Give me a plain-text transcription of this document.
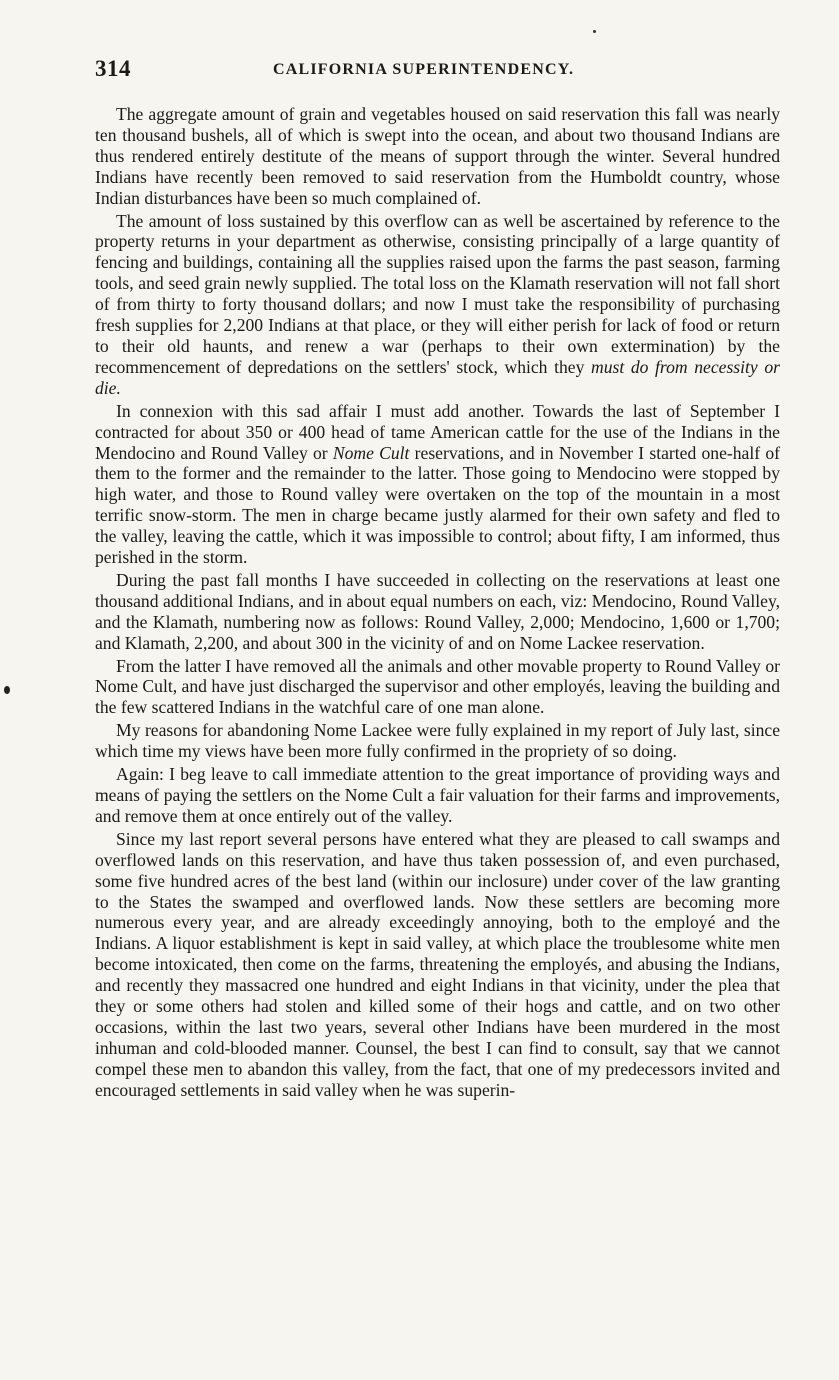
314	CALIFORNIA SUPERINTENDENCY.

The aggregate amount of grain and vegetables housed on said reservation this fall was nearly ten thousand bushels, all of which is swept into the ocean, and about two thousand Indians are thus rendered entirely destitute of the means of support through the winter. Several hundred Indians have recently been removed to said reservation from the Humboldt country, whose Indian disturbances have been so much complained of.

The amount of loss sustained by this overflow can as well be ascertained by reference to the property returns in your department as otherwise, consisting principally of a large quantity of fencing and buildings, containing all the supplies raised upon the farms the past season, farming tools, and seed grain newly supplied. The total loss on the Klamath reservation will not fall short of from thirty to forty thousand dollars; and now I must take the responsibility of purchasing fresh supplies for 2,200 Indians at that place, or they will either perish for lack of food or return to their old haunts, and renew a war (perhaps to their own extermination) by the recommencement of depredations on the settlers' stock, which they must do from necessity or die.

In connexion with this sad affair I must add another. Towards the last of September I contracted for about 350 or 400 head of tame American cattle for the use of the Indians in the Mendocino and Round Valley or Nome Cult reservations, and in November I started one-half of them to the former and the remainder to the latter. Those going to Mendocino were stopped by high water, and those to Round valley were overtaken on the top of the mountain in a most terrific snow-storm. The men in charge became justly alarmed for their own safety and fled to the valley, leaving the cattle, which it was impossible to control; about fifty, I am informed, thus perished in the storm.

During the past fall months I have succeeded in collecting on the reservations at least one thousand additional Indians, and in about equal numbers on each, viz: Mendocino, Round Valley, and the Klamath, numbering now as follows: Round Valley, 2,000; Mendocino, 1,600 or 1,700; and Klamath, 2,200, and about 300 in the vicinity of and on Nome Lackee reservation.

From the latter I have removed all the animals and other movable property to Round Valley or Nome Cult, and have just discharged the supervisor and other employés, leaving the building and the few scattered Indians in the watchful care of one man alone.

My reasons for abandoning Nome Lackee were fully explained in my report of July last, since which time my views have been more fully confirmed in the propriety of so doing.

Again: I beg leave to call immediate attention to the great importance of providing ways and means of paying the settlers on the Nome Cult a fair valuation for their farms and improvements, and remove them at once entirely out of the valley.

Since my last report several persons have entered what they are pleased to call swamps and overflowed lands on this reservation, and have thus taken possession of, and even purchased, some five hundred acres of the best land (within our inclosure) under cover of the law granting to the States the swamped and overflowed lands. Now these settlers are becoming more numerous every year, and are already exceedingly annoying, both to the employé and the Indians. A liquor establishment is kept in said valley, at which place the troublesome white men become intoxicated, then come on the farms, threatening the employés, and abusing the Indians, and recently they massacred one hundred and eight Indians in that vicinity, under the plea that they or some others had stolen and killed some of their hogs and cattle, and on two other occasions, within the last two years, several other Indians have been murdered in the most inhuman and cold-blooded manner. Counsel, the best I can find to consult, say that we cannot compel these men to abandon this valley, from the fact, that one of my predecessors invited and encouraged settlements in said valley when he was superin-
